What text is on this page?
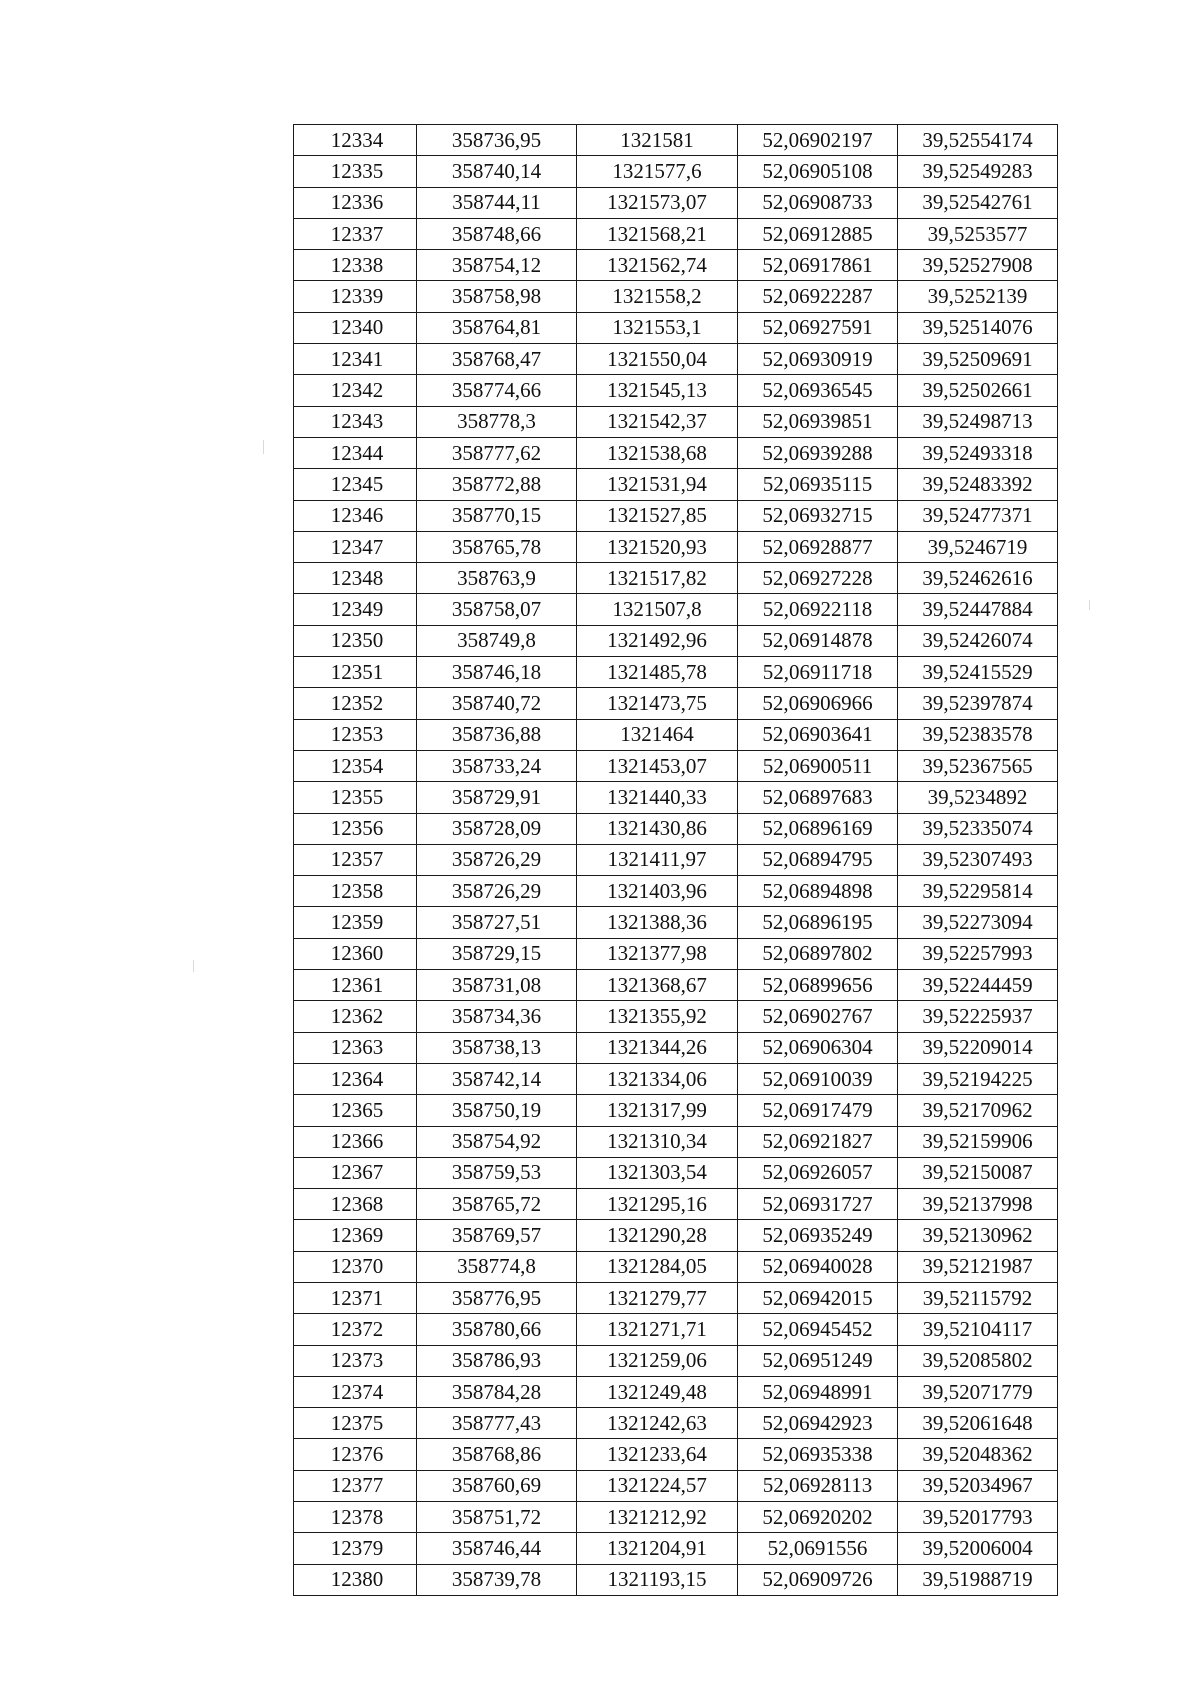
12334	358736,95	1321581	52,06902197	39,52554174
12335	358740,14	1321577,6	52,06905108	39,52549283
12336	358744,11	1321573,07	52,06908733	39,52542761
12337	358748,66	1321568,21	52,06912885	39,5253577
12338	358754,12	1321562,74	52,06917861	39,52527908
12339	358758,98	1321558,2	52,06922287	39,5252139
12340	358764,81	1321553,1	52,06927591	39,52514076
12341	358768,47	1321550,04	52,06930919	39,52509691
12342	358774,66	1321545,13	52,06936545	39,52502661
12343	358778,3	1321542,37	52,06939851	39,52498713
12344	358777,62	1321538,68	52,06939288	39,52493318
12345	358772,88	1321531,94	52,06935115	39,52483392
12346	358770,15	1321527,85	52,06932715	39,52477371
12347	358765,78	1321520,93	52,06928877	39,5246719
12348	358763,9	1321517,82	52,06927228	39,52462616
12349	358758,07	1321507,8	52,06922118	39,52447884
12350	358749,8	1321492,96	52,06914878	39,52426074
12351	358746,18	1321485,78	52,06911718	39,52415529
12352	358740,72	1321473,75	52,06906966	39,52397874
12353	358736,88	1321464	52,06903641	39,52383578
12354	358733,24	1321453,07	52,06900511	39,52367565
12355	358729,91	1321440,33	52,06897683	39,5234892
12356	358728,09	1321430,86	52,06896169	39,52335074
12357	358726,29	1321411,97	52,06894795	39,52307493
12358	358726,29	1321403,96	52,06894898	39,52295814
12359	358727,51	1321388,36	52,06896195	39,52273094
12360	358729,15	1321377,98	52,06897802	39,52257993
12361	358731,08	1321368,67	52,06899656	39,52244459
12362	358734,36	1321355,92	52,06902767	39,52225937
12363	358738,13	1321344,26	52,06906304	39,52209014
12364	358742,14	1321334,06	52,06910039	39,52194225
12365	358750,19	1321317,99	52,06917479	39,52170962
12366	358754,92	1321310,34	52,06921827	39,52159906
12367	358759,53	1321303,54	52,06926057	39,52150087
12368	358765,72	1321295,16	52,06931727	39,52137998
12369	358769,57	1321290,28	52,06935249	39,52130962
12370	358774,8	1321284,05	52,06940028	39,52121987
12371	358776,95	1321279,77	52,06942015	39,52115792
12372	358780,66	1321271,71	52,06945452	39,52104117
12373	358786,93	1321259,06	52,06951249	39,52085802
12374	358784,28	1321249,48	52,06948991	39,52071779
12375	358777,43	1321242,63	52,06942923	39,52061648
12376	358768,86	1321233,64	52,06935338	39,52048362
12377	358760,69	1321224,57	52,06928113	39,52034967
12378	358751,72	1321212,92	52,06920202	39,52017793
12379	358746,44	1321204,91	52,0691556	39,52006004
12380	358739,78	1321193,15	52,06909726	39,51988719
